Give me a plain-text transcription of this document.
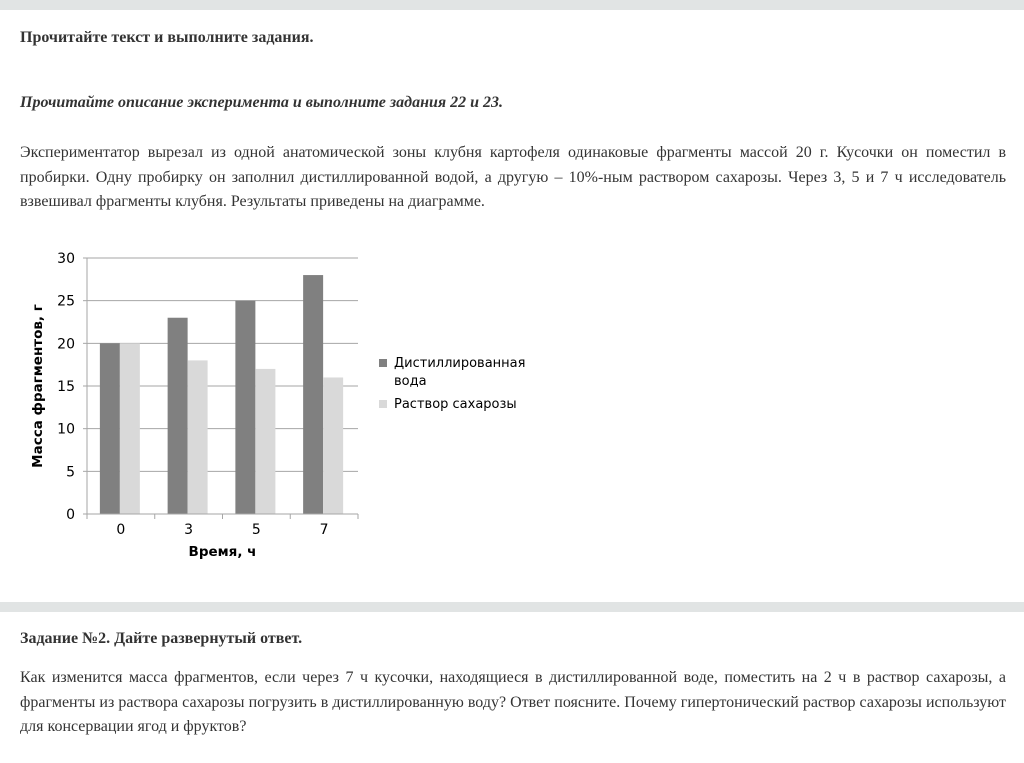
Прочитайте текст и выполните задания.
Прочитайте описание эксперимента и выполните задания 22 и 23.
Экспериментатор вырезал из одной анатомической зоны клубня картофеля одинаковые фрагменты массой 20 г. Кусочки он поместил в пробирки. Одну пробирку он заполнил дистиллированной водой, а другую – 10%-ным раствором сахарозы. Через 3, 5 и 7 ч исследователь взвешивал фрагменты клубня. Результаты приведены на диаграмме.
0
5
10
15
20
25
30
0	3	5	7
Масса фрагментов, г
Время, ч
Дистиллированная
вода
Раствор сахарозы
Задание №2. Дайте развернутый ответ.
Как изменится масса фрагментов, если через 7 ч кусочки, находящиеся в дистиллированной воде, поместить на 2 ч в раствор сахарозы, а фрагменты из раствора сахарозы погрузить в дистиллированную воду? Ответ поясните. Почему гипертонический раствор сахарозы используют для консервации ягод и фруктов?
